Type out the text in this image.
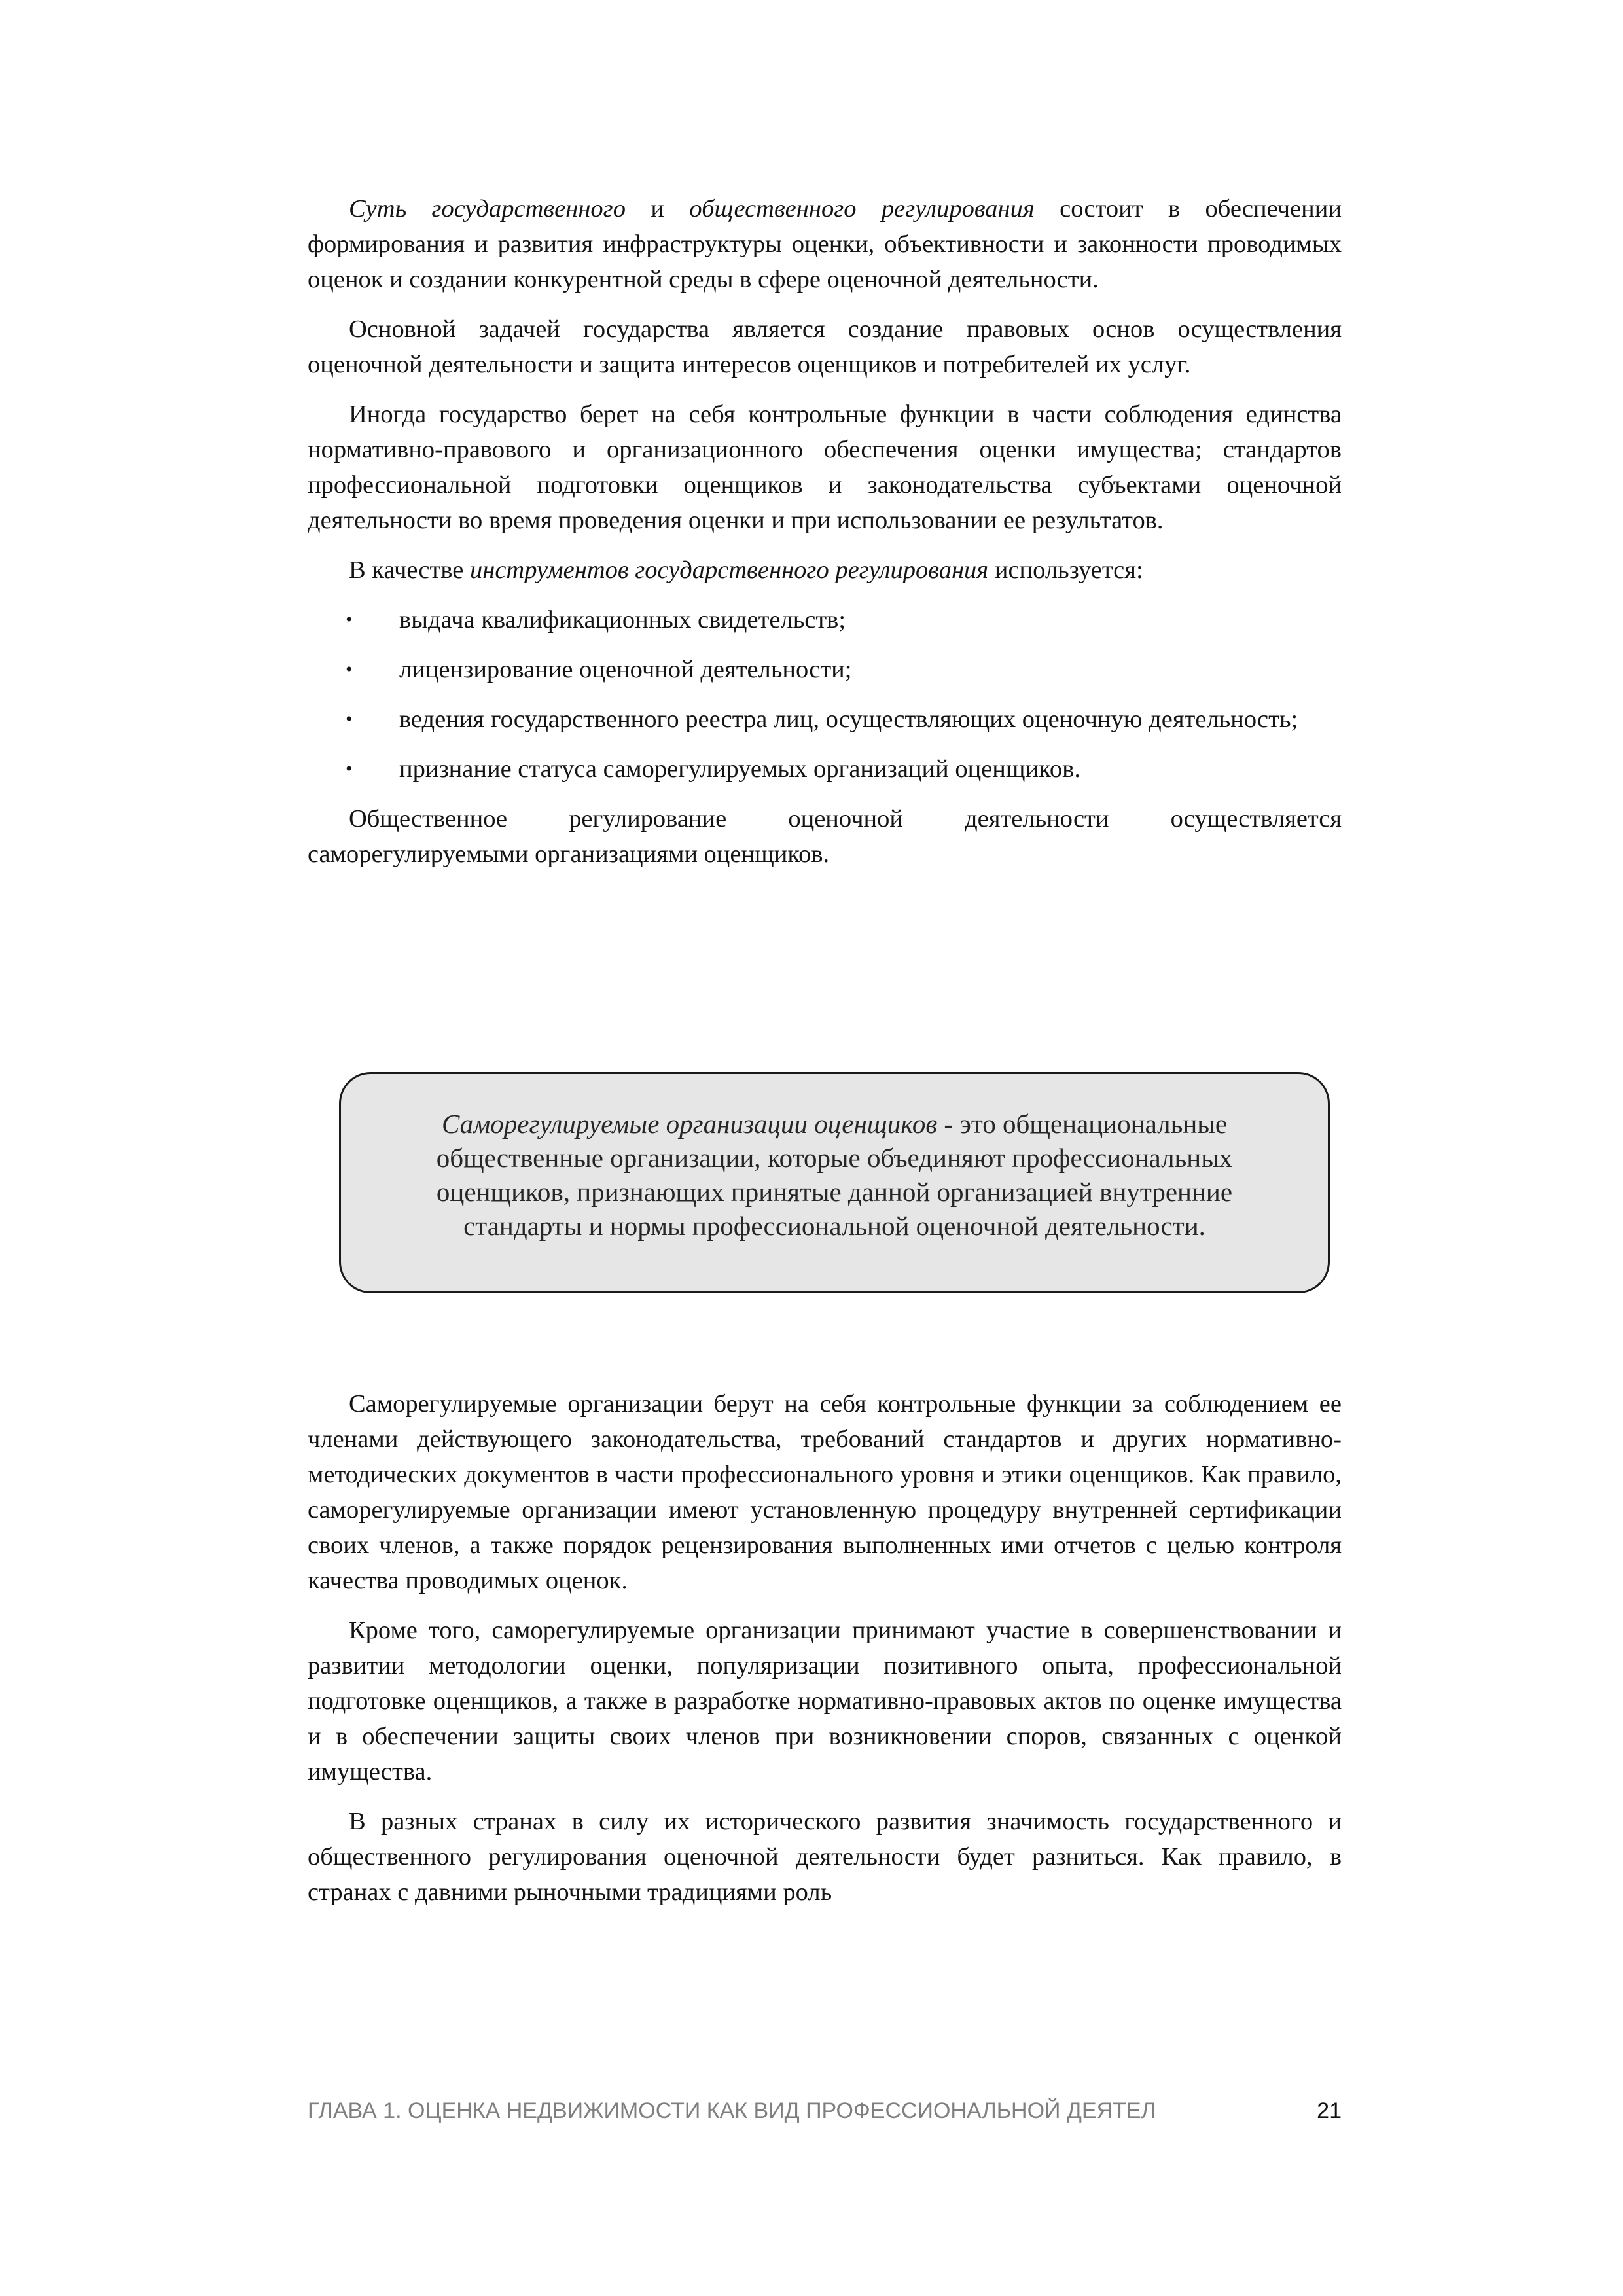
Суть государственного и общественного регулирования состоит в обеспечении формирования и развития инфраструктуры оценки, объективности и законности проводимых оценок и создании конкурентной среды в сфере оценочной деятельности.

Основной задачей государства является создание правовых основ осуществления оценочной деятельности и защита интересов оценщиков и потребителей их услуг.

Иногда государство берет на себя контрольные функции в части соблюдения единства нормативно-правового и организационного обеспечения оценки имущества; стандартов профессиональной подготовки оценщиков и законодательства субъектами оценочной деятельности во время проведения оценки и при использовании ее результатов.

В качестве инструментов государственного регулирования используется:

• выдача квалификационных свидетельств;
• лицензирование оценочной деятельности;
• ведения государственного реестра лиц, осуществляющих оценочную деятельность;
• признание статуса саморегулируемых организаций оценщиков.

Общественное регулирование оценочной деятельности осуществляется саморегулируемыми организациями оценщиков.

Саморегулируемые организации оценщиков - это общенациональные общественные организации, которые объединяют профессиональных оценщиков, признающих принятые данной организацией внутренние стандарты и нормы профессиональной оценочной деятельности.

Саморегулируемые организации берут на себя контрольные функции за соблюдением ее членами действующего законодательства, требований стандартов и других нормативно-методических документов в части профессионального уровня и этики оценщиков. Как правило, саморегулируемые организации имеют установленную процедуру внутренней сертификации своих членов, а также порядок рецензирования выполненных ими отчетов с целью контроля качества проводимых оценок.

Кроме того, саморегулируемые организации принимают участие в совершенствовании и развитии методологии оценки, популяризации позитивного опыта, профессиональной подготовке оценщиков, а также в разработке нормативно-правовых актов по оценке имущества и в обеспечении защиты своих членов при возникновении споров, связанных с оценкой имущества.

В разных странах в силу их исторического развития значимость государственного и общественного регулирования оценочной деятельности будет разниться. Как правило, в странах с давними рыночными традициями роль

ГЛАВА 1. ОЦЕНКА НЕДВИЖИМОСТИ КАК ВИД ПРОФЕССИОНАЛЬНОЙ ДЕЯТЕЛ	21
